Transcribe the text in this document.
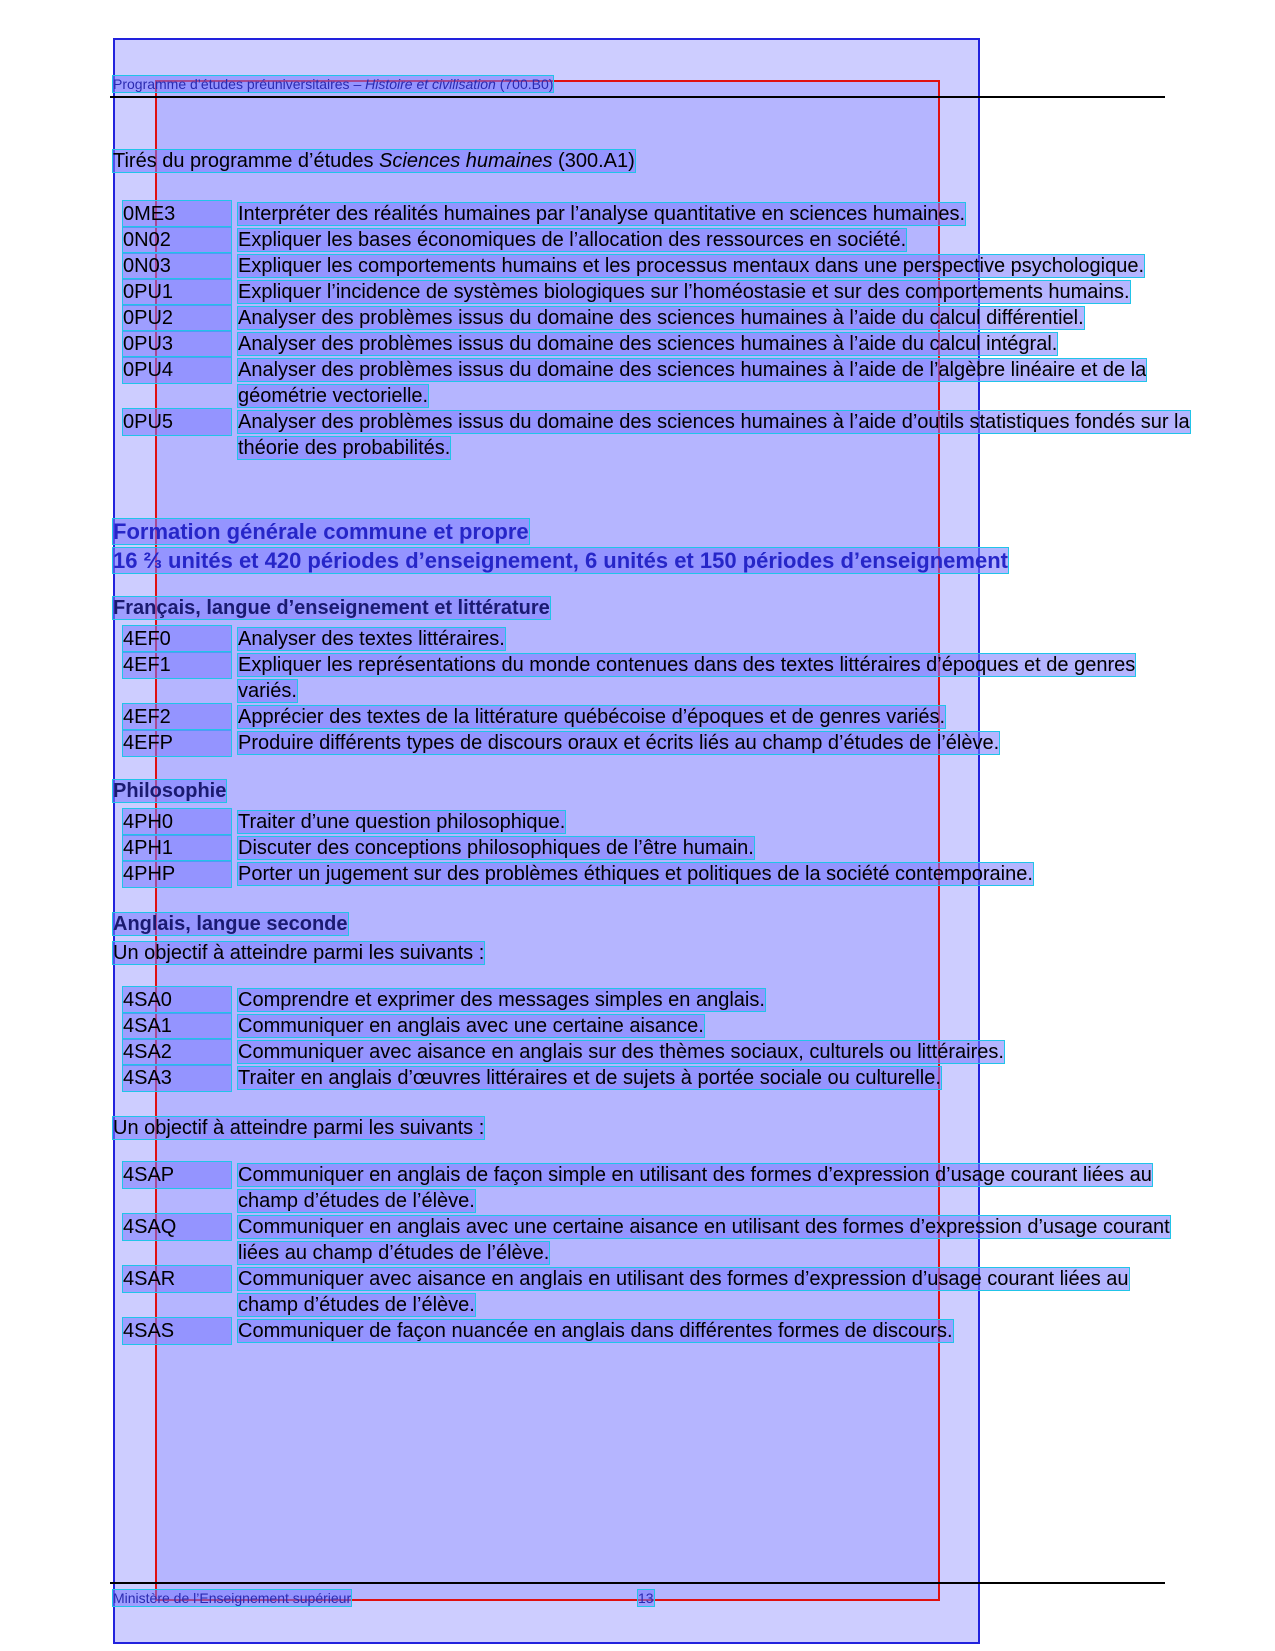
Programme d’études préuniversitaires – Histoire et civilisation (700.B0)

Tirés du programme d’études Sciences humaines (300.A1)

0ME3	Interpréter des réalités humaines par l’analyse quantitative en sciences humaines.
0N02	Expliquer les bases économiques de l’allocation des ressources en société.
0N03	Expliquer les comportements humains et les processus mentaux dans une perspective psychologique.
0PU1	Expliquer l’incidence de systèmes biologiques sur l’homéostasie et sur des comportements humains.
0PU2	Analyser des problèmes issus du domaine des sciences humaines à l’aide du calcul différentiel.
0PU3	Analyser des problèmes issus du domaine des sciences humaines à l’aide du calcul intégral.
0PU4	Analyser des problèmes issus du domaine des sciences humaines à l’aide de l’algèbre linéaire et de la géométrie vectorielle.
0PU5	Analyser des problèmes issus du domaine des sciences humaines à l’aide d’outils statistiques fondés sur la théorie des probabilités.

Formation générale commune et propre

16 ⅔ unités et 420 périodes d’enseignement, 6 unités et 150 périodes d’enseignement

Français, langue d’enseignement et littérature

4EF0	Analyser des textes littéraires.
4EF1	Expliquer les représentations du monde contenues dans des textes littéraires d’époques et de genres variés.
4EF2	Apprécier des textes de la littérature québécoise d’époques et de genres variés.
4EFP	Produire différents types de discours oraux et écrits liés au champ d’études de l’élève.

Philosophie

4PH0	Traiter d’une question philosophique.
4PH1	Discuter des conceptions philosophiques de l’être humain.
4PHP	Porter un jugement sur des problèmes éthiques et politiques de la société contemporaine.

Anglais, langue seconde

Un objectif à atteindre parmi les suivants :

4SA0	Comprendre et exprimer des messages simples en anglais.
4SA1	Communiquer en anglais avec une certaine aisance.
4SA2	Communiquer avec aisance en anglais sur des thèmes sociaux, culturels ou littéraires.
4SA3	Traiter en anglais d’œuvres littéraires et de sujets à portée sociale ou culturelle.

Un objectif à atteindre parmi les suivants :

4SAP	Communiquer en anglais de façon simple en utilisant des formes d’expression d’usage courant liées au champ d’études de l’élève.
4SAQ	Communiquer en anglais avec une certaine aisance en utilisant des formes d’expression d’usage courant liées au champ d’études de l’élève.
4SAR	Communiquer avec aisance en anglais en utilisant des formes d’expression d’usage courant liées au champ d’études de l’élève.
4SAS	Communiquer de façon nuancée en anglais dans différentes formes de discours.
Ministère de l’Enseignement supérieur	13
